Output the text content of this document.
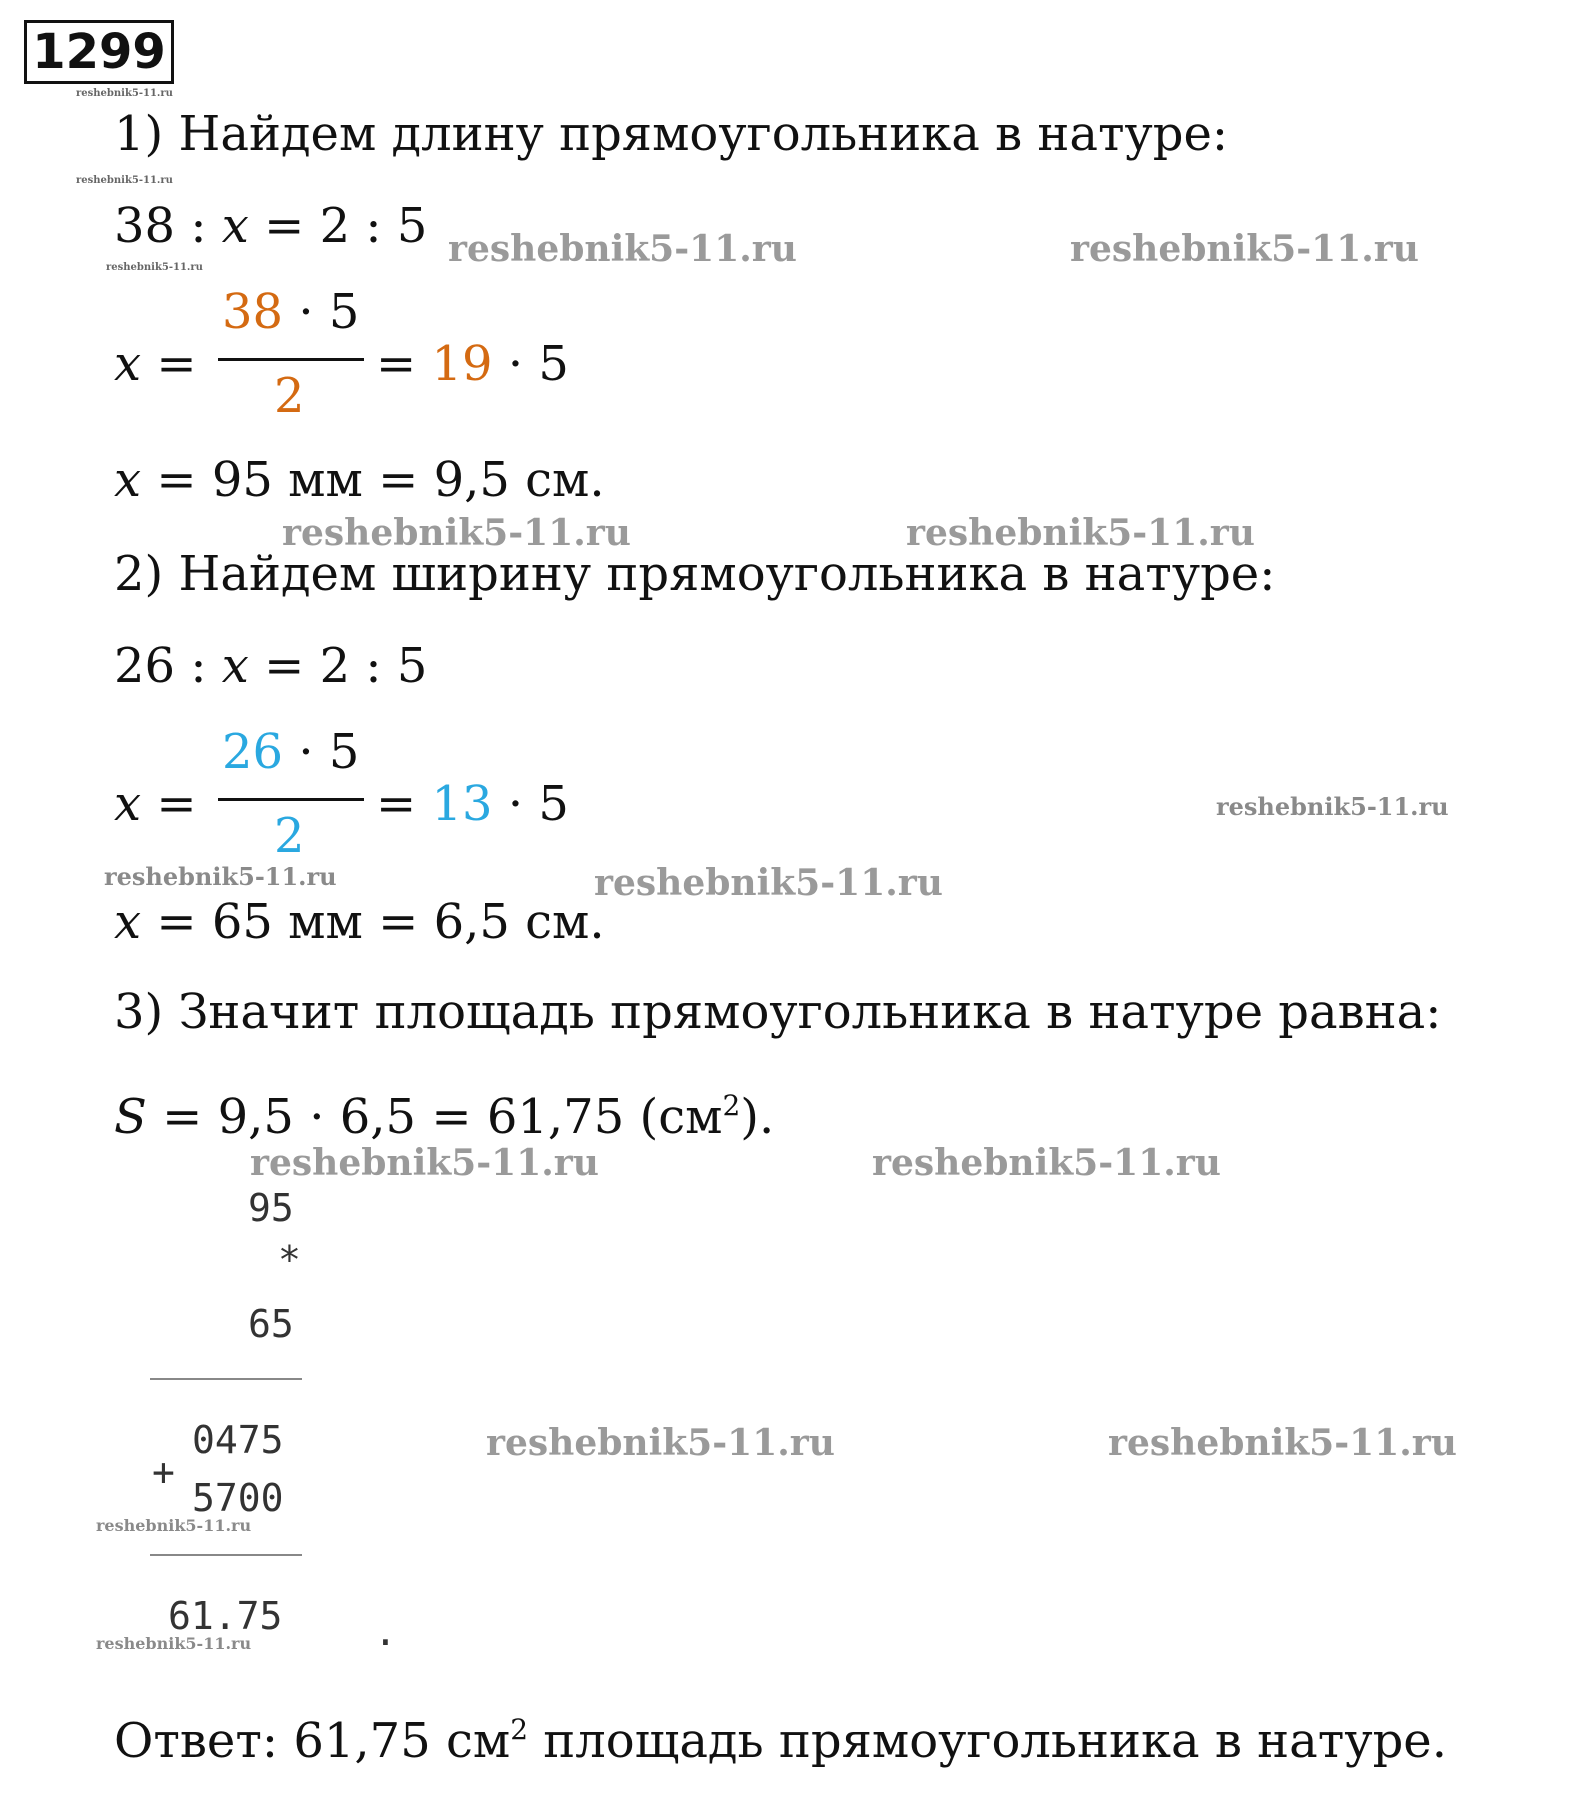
1299
reshebnik5-11.ru
1) Найдем длину прямоугольника в натуре:
reshebnik5-11.ru
38 : x = 2 : 5 reshebnik5-11.ru	reshebnik5-11.ru
reshebnik5-11.ru
x =
38 · 5
2
= 19 · 5
x = 95 мм = 9,5 см.
reshebnik5-11.ru	reshebnik5-11.ru
2) Найдем ширину прямоугольника в натуре:
26 : x = 2 : 5
x =
26 · 5
2
= 13 · 5	reshebnik5-11.ru
reshebnik5-11.ru	reshebnik5-11.ru
x = 65 мм = 6,5 см.
3) Значит площадь прямоугольника в натуре равна:
S = 9,5 · 6,5 = 61,75 $(см^2)$.
reshebnik5-11.ru	reshebnik5-11.ru
95
*
65
0475
+
5700
reshebnik5-11.ru
61.75 .
reshebnik5-11.ru
reshebnik5-11.ru	reshebnik5-11.ru
Ответ: 61,75 $см^2$ площадь прямоугольника в натуре.
